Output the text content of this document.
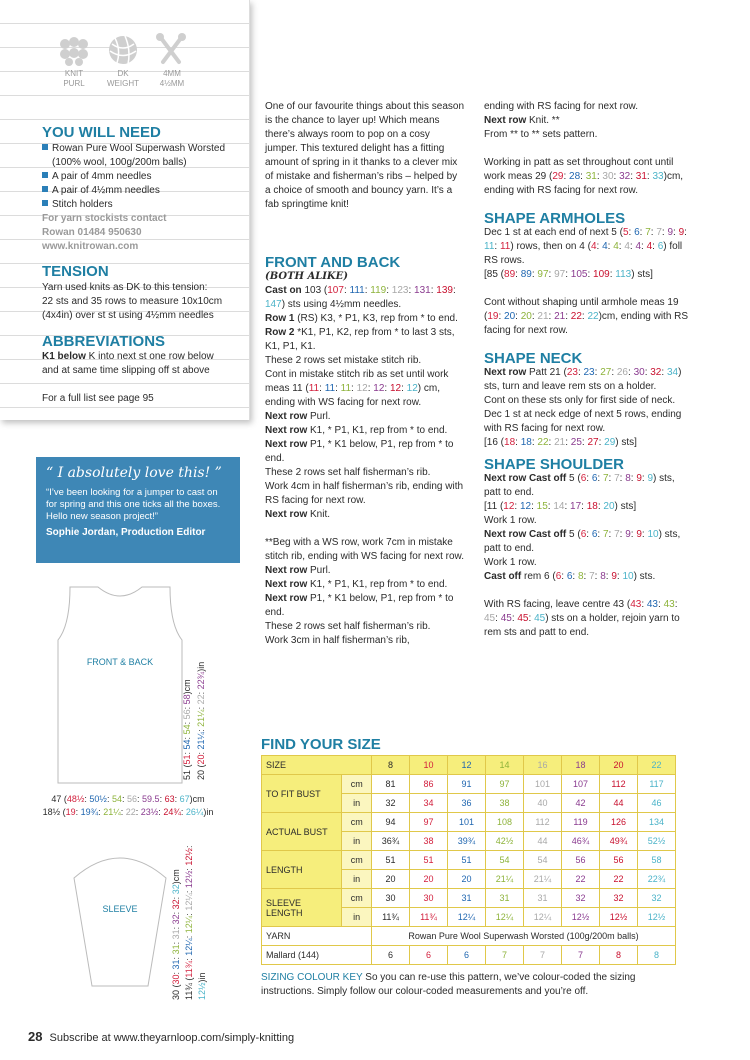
KNIT
PURL
DK
WEIGHT
4MM
4½MM
YOU WILL NEED
Rowan Pure Wool Superwash Worsted
(100% wool, 100g/200m balls)
A pair of 4mm needles
A pair of 4½mm needles
Stitch holders
For yarn stockists contact
Rowan 01484 950630
www.knitrowan.com
TENSION
Yarn used knits as DK to this tension:
22 sts and 35 rows to measure 10x10cm
(4x4in) over st st using 4½mm needles
ABBREVIATIONS
K1 below K into next st one row below
and at same time slipping off st above
For a full list see page 95
“ I absolutely love this! ”
“I’ve been looking for a jumper to cast on for spring and this one ticks all the boxes. Hello new season project!”
Sophie Jordan, Production Editor
FRONT & BACK
51 (51: 54: 54: 56: 58)cm
20 (20: 21¼: 21¼: 22: 22¾)in
47 (48½: 50½: 54: 56: 59.5: 63: 67)cm
18½ (19: 19¾: 21¼: 22: 23½: 24¾: 26¼)in
SLEEVE
30 (30: 31: 31: 31: 32: 32: 32)cm
11¾ (11¾: 12¼: 12¼: 12¼: 12½: 12½: 12½)in
One of our favourite things about this season is the chance to layer up! Which means there’s always room to pop on a cosy jumper. This textured delight has a fitting amount of spring in it thanks to a clever mix of mistake and fisherman’s ribs – helped by a choice of smooth and bouncy yarn. It’s a fab springtime knit!
FRONT AND BACK
(BOTH ALIKE)
Cast on 103 (107: 111: 119: 123: 131: 139: 147) sts using 4½mm needles.
Row 1 (RS) K3, * P1, K3, rep from * to end.
Row 2 *K1, P1, K2, rep from * to last 3 sts, K1, P1, K1.
These 2 rows set mistake stitch rib.
Cont in mistake stitch rib as set until work meas 11 (11: 11: 11: 12: 12: 12: 12) cm, ending with WS facing for next row.
Next row Purl.
Next row K1, * P1, K1, rep from * to end.
Next row P1, * K1 below, P1, rep from * to end.
These 2 rows set half fisherman’s rib.
Work 4cm in half fisherman’s rib, ending with RS facing for next row.
Next row Knit.
**Beg with a WS row, work 7cm in mistake stitch rib, ending with WS facing for next row.
Next row Purl.
Next row K1, * P1, K1, rep from * to end.
Next row P1, * K1 below, P1, rep from * to end.
These 2 rows set half fisherman’s rib.
Work 3cm in half fisherman’s rib,
ending with RS facing for next row.
Next row Knit. **
From ** to ** sets pattern.
Working in patt as set throughout cont until work meas 29 (29: 28: 31: 30: 32: 31: 33)cm, ending with RS facing for next row.
SHAPE ARMHOLES
Dec 1 st at each end of next 5 (5: 6: 7: 7: 9: 9: 11: 11) rows, then on 4 (4: 4: 4: 4: 4: 4: 6) foll RS rows.
[85 (89: 89: 97: 97: 105: 109: 113) sts]
Cont without shaping until armhole meas 19 (19: 20: 20: 21: 21: 22: 22)cm, ending with RS facing for next row.
SHAPE NECK
Next row Patt 21 (23: 23: 27: 26: 30: 32: 34) sts, turn and leave rem sts on a holder.
Cont on these sts only for first side of neck.
Dec 1 st at neck edge of next 5 rows, ending with RS facing for next row.
[16 (18: 18: 22: 21: 25: 27: 29) sts]
SHAPE SHOULDER
Next row Cast off 5 (6: 6: 7: 7: 8: 9: 9) sts, patt to end.
[11 (12: 12: 15: 14: 17: 18: 20) sts]
Work 1 row.
Next row Cast off 5 (6: 6: 7: 7: 9: 9: 10) sts, patt to end.
Work 1 row.
Cast off rem 6 (6: 6: 8: 7: 8: 9: 10) sts.
With RS facing, leave centre 43 (43: 43: 43: 45: 45: 45: 45) sts on a holder, rejoin yarn to rem sts and patt to end.
FIND YOUR SIZE
SIZE		8	10	12	14	16	18	20	22
TO FIT BUST	cm	81	86	91	97	101	107	112	117
	in	32	34	36	38	40	42	44	46
ACTUAL BUST	cm	94	97	101	108	112	119	126	134
	in	36¾	38	39¾	42½	44	46¾	49¾	52½
LENGTH	cm	51	51	51	54	54	56	56	58
	in	20	20	20	21¼	21¼	22	22	22¾
SLEEVE LENGTH	cm	30	30	31	31	31	32	32	32
	in	11¾	11¾	12¼	12¼	12¼	12½	12½	12½
YARN		Rowan Pure Wool Superwash Worsted (100g/200m balls)							
Mallard (144)		6	6	6	7	7	7	8	8
SIZING COLOUR KEY So you can re-use this pattern, we’ve colour-coded the sizing instructions. Simply follow our colour-coded measurements and you’re off.
28 Subscribe at www.theyarnloop.com/simply-knitting
